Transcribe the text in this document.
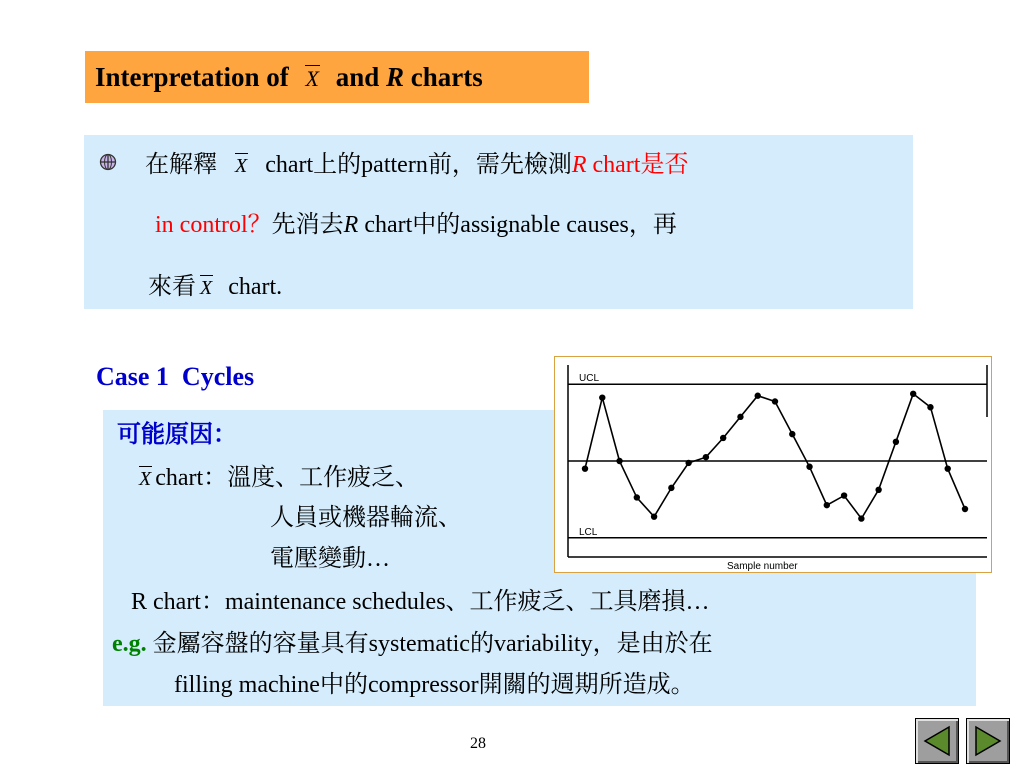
Interpretation of X and R charts
在解釋 X chart上的pattern前，需先檢測R chart是否
in control？先消去R chart中的assignable causes，再
來看 X chart.
Case 1  Cycles
可能原因：
X chart：溫度、工作疲乏、
人員或機器輪流、
電壓變動…
R chart：maintenance schedules、工作疲乏、工具磨損…
e.g. 金屬容盤的容量具有systematic的variability，是由於在
filling machine中的compressor開關的週期所造成。
UCL
LCL
Sample number
28
